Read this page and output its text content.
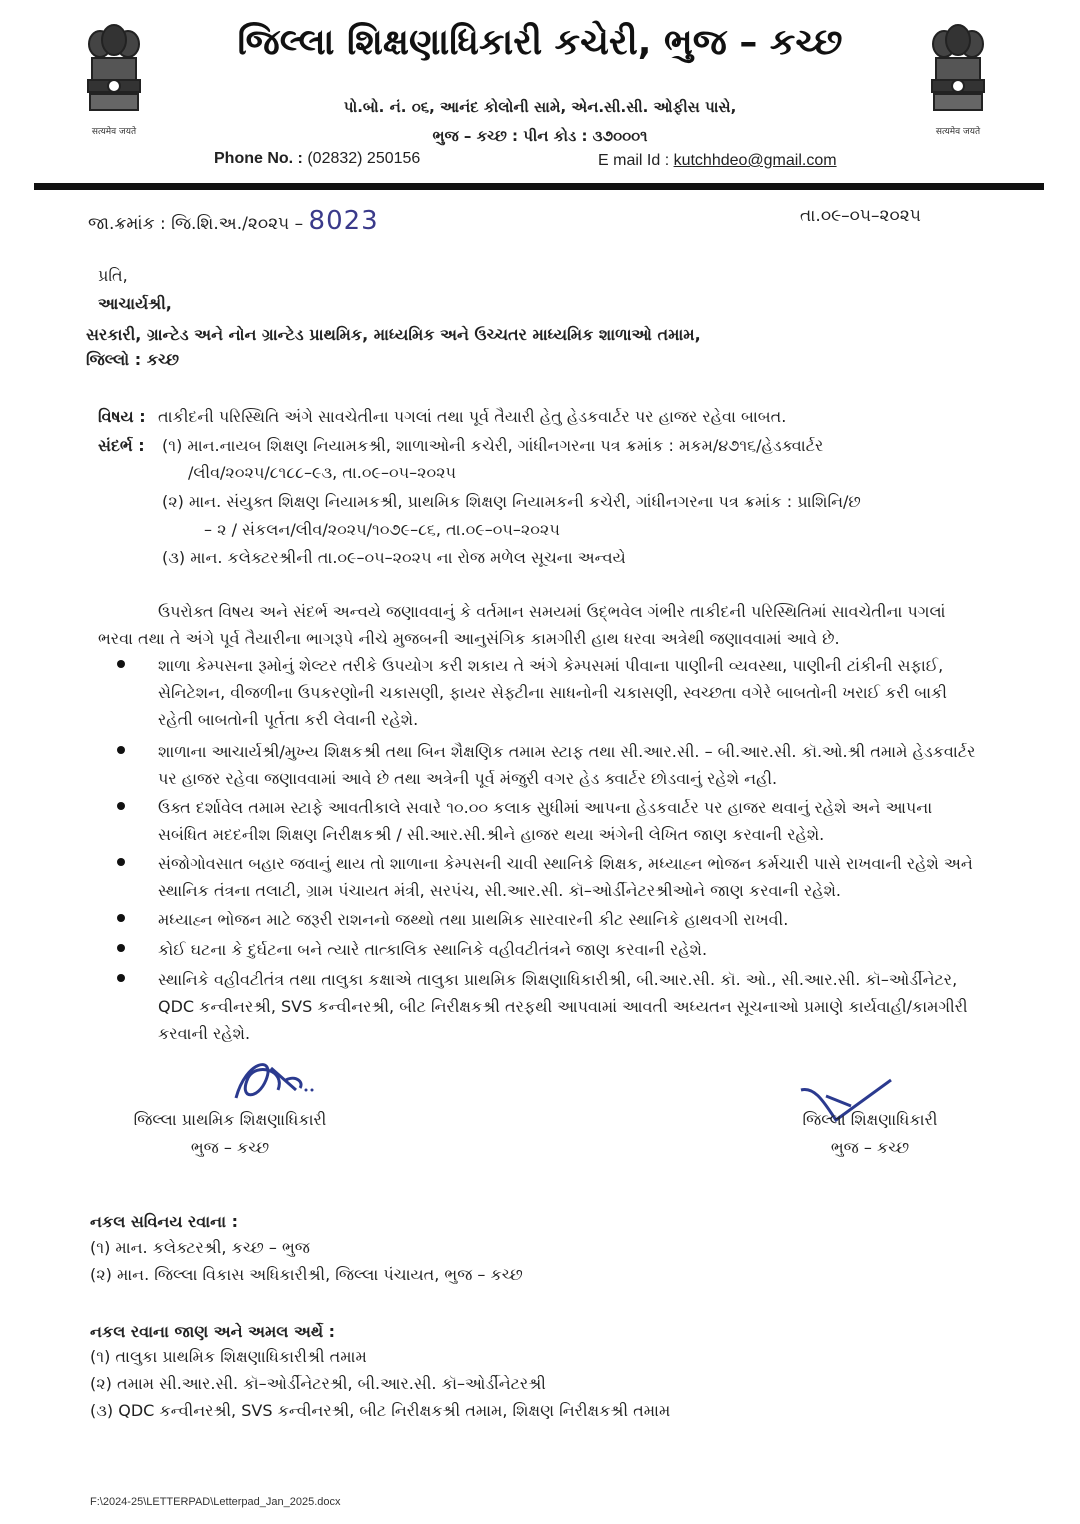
सत्यमेव जयते	सत्यमेव जयते
જિલ્લા શિક્ષણાધિકારી કચેરી, ભુજ – કચ્છ
પો.બો. નં. ૦૬, આનંદ કોલોની સામે, એન.સી.સી. ઓફીસ પાસે,
ભુજ – કચ્છ : પીન કોડ : ૩૭૦૦૦૧
Phone No. : (02832) 250156	E mail Id : kutchhdeo@gmail.com
જા.ક્રમાંક : જિ.શિ.અ./૨૦૨૫ – 8023	તા.૦૯–૦૫–૨૦૨૫
પ્રતિ,
આચાર્યશ્રી,
સરકારી, ગ્રાન્ટેડ અને નોન ગ્રાન્ટેડ પ્રાથમિક, માધ્યમિક અને ઉચ્ચતર માધ્યમિક શાળાઓ તમામ,
જિલ્લો : કચ્છ
વિષય : તાકીદની પરિસ્થિતિ અંગે સાવચેતીના પગલાં તથા પૂર્વ તૈયારી હેતુ હેડકવાર્ટર પર હાજર રહેવા બાબત.
સંદર્ભ : (૧) માન.નાયબ શિક્ષણ નિયામકશ્રી, શાળાઓની કચેરી, ગાંધીનગરના પત્ર ક્રમાંક : મકમ/૪૭૧૬/હેડક્વાર્ટર
/લીવ/૨૦૨૫/૮૧૮૮–૯૩, તા.૦૯–૦૫–૨૦૨૫
(૨) માન. સંયુક્ત શિક્ષણ નિયામકશ્રી, પ્રાથમિક શિક્ષણ નિયામકની કચેરી, ગાંધીનગરના પત્ર ક્રમાંક : પ્રાશિનિ/છ
– ૨ / સંકલન/લીવ/૨૦૨૫/૧૦૭૯–૮૬, તા.૦૯–૦૫–૨૦૨૫
(૩) માન. કલેક્ટરશ્રીની તા.૦૯–૦૫–૨૦૨૫ ના રોજ મળેલ સૂચના અન્વયે
ઉપરોક્ત વિષય અને સંદર્ભ અન્વયે જણાવવાનું કે વર્તમાન સમયમાં ઉદ્ભવેલ ગંભીર તાકીદની પરિસ્થિતિમાં સાવચેતીના પગલાં ભરવા તથા તે અંગે પૂર્વ તૈયારીના ભાગરૂપે નીચે મુજબની આનુસંગિક કામગીરી હાથ ધરવા અત્રેથી જણાવવામાં આવે છે.
શાળા કેમ્પસના રૂમોનું શેલ્ટર તરીકે ઉપયોગ કરી શકાય તે અંગે કેમ્પસમાં પીવાના પાણીની વ્યવસ્થા, પાણીની ટાંકીની સફાઈ, સેનિટેશન, વીજળીના ઉપકરણોની ચકાસણી, ફાયર સેફ્ટીના સાધનોની ચકાસણી, સ્વચ્છતા વગેરે બાબતોની ખરાઈ કરી બાકી રહેતી બાબતોની પૂર્તતા કરી લેવાની રહેશે.
શાળાના આચાર્યશ્રી/મુખ્ય શિક્ષકશ્રી તથા બિન શૈક્ષણિક તમામ સ્ટાફ તથા સી.આર.સી. – બી.આર.સી. કૉ.ઓ.શ્રી તમામે હેડકવાર્ટર પર હાજર રહેવા જણાવવામાં આવે છે તથા અત્રેની પૂર્વ મંજુરી વગર હેડ ક્વાર્ટર છોડવાનું રહેશે નહી.
ઉક્ત દર્શાવેલ તમામ સ્ટાફે આવતીકાલે સવારે ૧૦.૦૦ કલાક સુધીમાં આપના હેડકવાર્ટર પર હાજર થવાનું રહેશે અને આપના સબંધિત મદદનીશ શિક્ષણ નિરીક્ષકશ્રી / સી.આર.સી.શ્રીને હાજર થયા અંગેની લેખિત જાણ કરવાની રહેશે.
સંજોગોવસાત બહાર જવાનું થાય તો શાળાના કેમ્પસની ચાવી સ્થાનિકે શિક્ષક, મધ્યાહ્ન ભોજન કર્મચારી પાસે રાખવાની રહેશે અને સ્થાનિક તંત્રના તલાટી, ગ્રામ પંચાયત મંત્રી, સરપંચ, સી.આર.સી. કૉ–ઓર્ડીનેટરશ્રીઓને જાણ કરવાની રહેશે.
મધ્યાહ્ન ભોજન માટે જરૂરી રાશનનો જથ્થો તથા પ્રાથમિક સારવારની કીટ સ્થાનિકે હાથવગી રાખવી.
કોઈ ઘટના કે દુર્ઘટના બને ત્યારે તાત્કાલિક સ્થાનિકે વહીવટીતંત્રને જાણ કરવાની રહેશે.
સ્થાનિકે વહીવટીતંત્ર તથા તાલુકા કક્ષાએ તાલુકા પ્રાથમિક શિક્ષણાધિકારીશ્રી, બી.આર.સી. કૉ. ઓ., સી.આર.સી. કૉ–ઓર્ડીનેટર, QDC કન્વીનરશ્રી, SVS કન્વીનરશ્રી, બીટ નિરીક્ષકશ્રી તરફથી આપવામાં આવતી અધ્યતન સૂચનાઓ પ્રમાણે કાર્યવાહી/કામગીરી કરવાની રહેશે.
જિલ્લા પ્રાથમિક શિક્ષણાધિકારી
ભુજ – કચ્છ
જિલ્લા શિક્ષણાધિકારી
ભુજ – કચ્છ
નકલ સવિનય રવાના :
(૧) માન. કલેક્ટરશ્રી, કચ્છ – ભુજ
(૨) માન. જિલ્લા વિકાસ અધિકારીશ્રી, જિલ્લા પંચાયત, ભુજ – કચ્છ
નકલ રવાના જાણ અને અમલ અર્થે :
(૧) તાલુકા પ્રાથમિક શિક્ષણાધિકારીશ્રી તમામ
(૨) તમામ સી.આર.સી. કૉ–ઓર્ડીનેટરશ્રી, બી.આર.સી. કૉ–ઓર્ડીનેટરશ્રી
(૩) QDC કન્વીનરશ્રી, SVS કન્વીનરશ્રી, બીટ નિરીક્ષકશ્રી તમામ, શિક્ષણ નિરીક્ષકશ્રી તમામ
F:\2024-25\LETTERPAD\Letterpad_Jan_2025.docx
